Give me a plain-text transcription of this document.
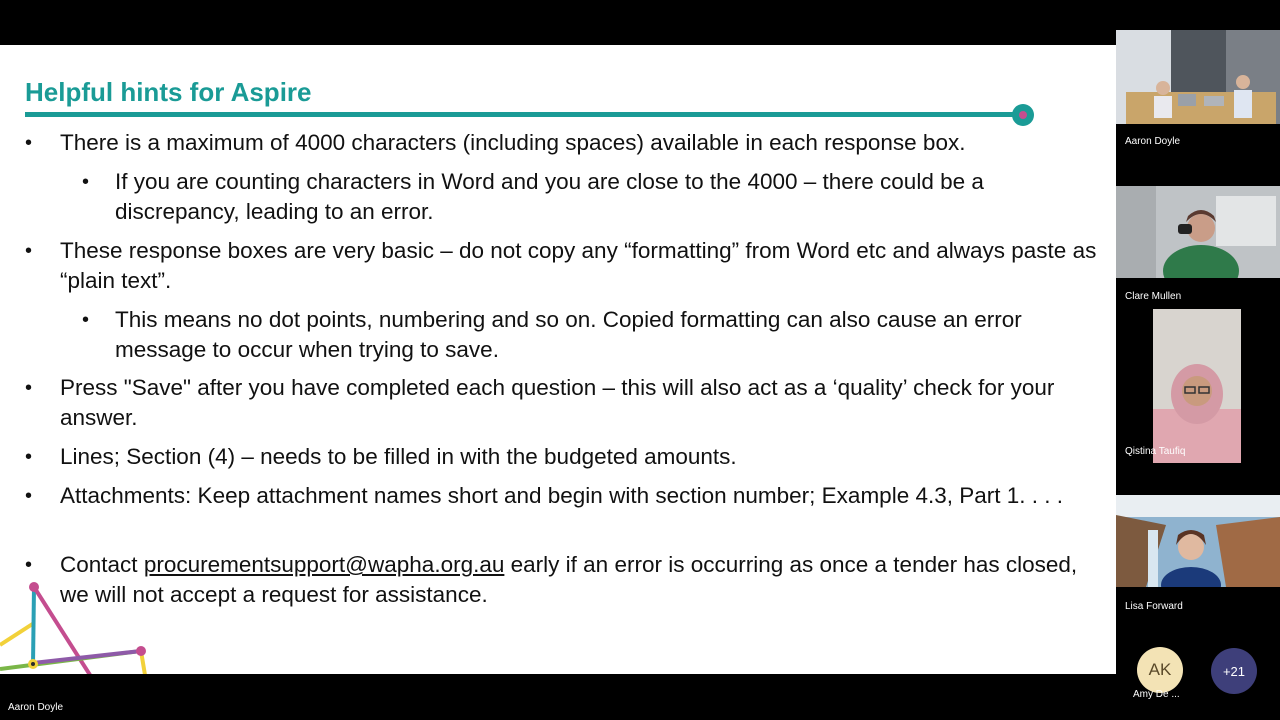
Helpful hints for Aspire
• There is a maximum of 4000 characters (including spaces) available in each response box.
• If you are counting characters in Word and you are close to the 4000 – there could be a discrepancy, leading to an error.
• These response boxes are very basic – do not copy any “formatting” from Word etc and always paste as “plain text”.
• This means no dot points, numbering and so on. Copied formatting can also cause an error message to occur when trying to save.
• Press "Save" after you have completed each question – this will also act as a ‘quality’ check for your answer.
• Lines; Section (4) – needs to be filled in with the budgeted amounts.
• Attachments: Keep attachment names short and begin with section number; Example 4.3, Part 1. . . .
• Contact procurementsupport@wapha.org.au early if an error is occurring as once a tender has closed, we will not accept a request for assistance.
Aaron Doyle
Clare Mullen
Qistina Taufiq
Lisa Forward
AK
Amy De ...
+21
Aaron Doyle
